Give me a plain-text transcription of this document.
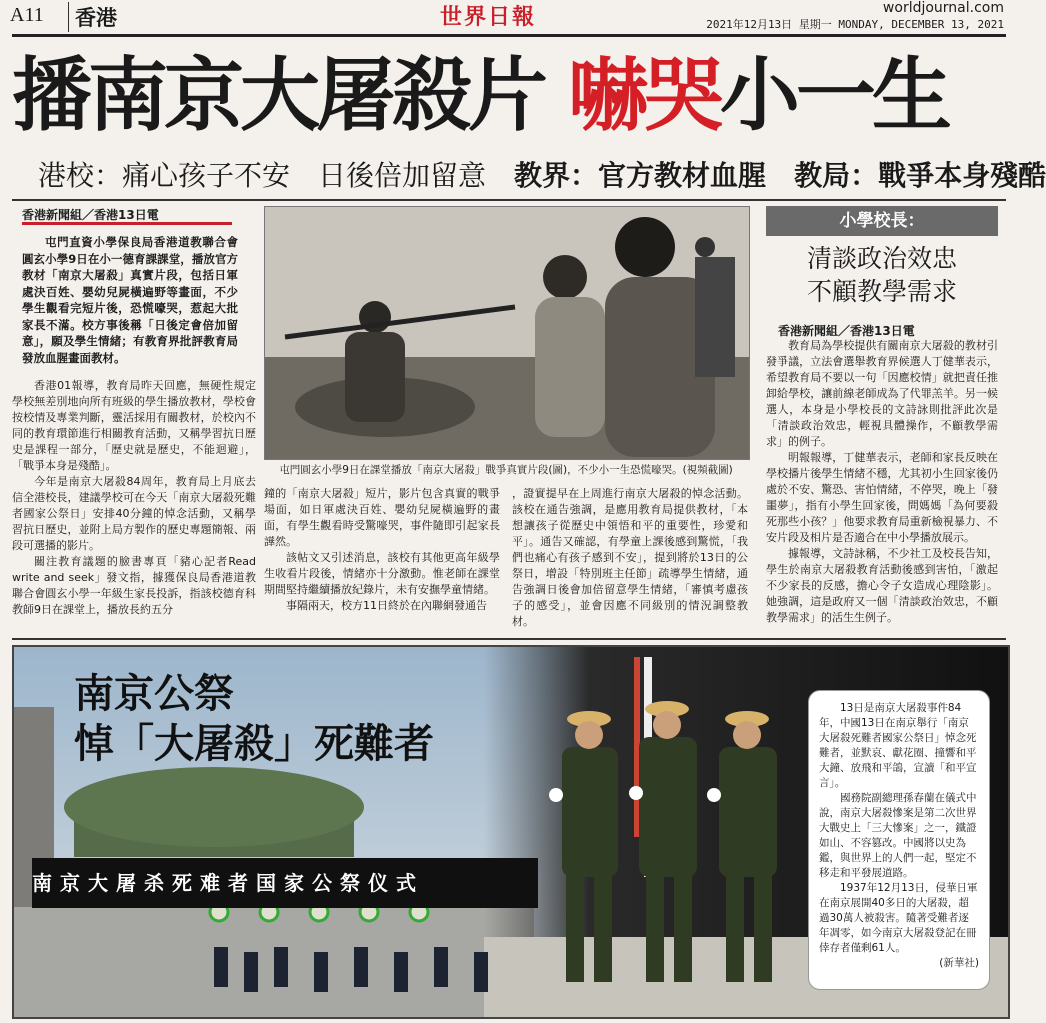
A11	香港	世界日報	worldjournal.com
2021年12月13日 星期一 MONDAY, DECEMBER 13, 2021
播南京大屠殺片 嚇哭小一生
港校：痛心孩子不安　日後倍加留意　 教界：官方教材血腥　 教局：戰爭本身殘酷
香港新聞組／香港13日電

屯門直資小學保良局香港道教聯合會圓玄小學9日在小一德育課課堂，播放官方教材「南京大屠殺」真實片段，包括日軍處決百姓、嬰幼兒屍橫遍野等畫面，不少學生觀看完短片後，恐慌嚎哭，惹起大批家長不滿。校方事後稱「日後定會倍加留意」，願及學生情緒；有教育界批評教育局發放血腥畫面教材。

香港01報導，教育局昨天回應，無硬性規定學校無差別地向所有班級的學生播放教材，學校會按校情及專業判斷，靈活採用有關教材，於校內不同的教育環節進行相關教育活動，又稱學習抗日歷史是課程一部分，「歷史就是歷史，不能迴避」，「戰爭本身是殘酷」。

今年是南京大屠殺84周年，教育局上月底去信全港校長，建議學校可在今天「南京大屠殺死難者國家公祭日」安排40分鐘的悼念活動，又稱學習抗日歷史，並附上局方製作的歷史專題簡報、兩段可選播的影片。

關注教育議題的臉書專頁「豬心記者Read write and seek」發文指，據獲保良局香港道教聯合會圓玄小學一年級生家長投訴，指該校德育科教師9日在課堂上，播放長約五分

屯門圓玄小學9日在課堂播放「南京大屠殺」戰爭真實片段(圖)，不少小一生恐慌嚎哭。(視頻截圖)

鐘的「南京大屠殺」短片，影片包含真實的戰爭場面，如日軍處決百姓、嬰幼兒屍橫遍野的畫面，有學生觀看時受驚嚎哭，事件隨即引起家長譁然。

該帖文又引述消息，該校有其他更高年級學生收看片段後，情緒亦十分激動。惟老師在課堂期間堅持繼續播放紀錄片，未有安撫學童情緒。

事隔兩天，校方11日終於在內聯網發通告

，證實提早在上周進行南京大屠殺的悼念活動。該校在通告強調，是應用教育局提供教材，「本想讓孩子從歷史中領悟和平的重要性，珍愛和平」。通告又確認，有學童上課後感到驚慌，「我們也痛心有孩子感到不安」，提到將於13日的公祭日，增設「特別班主任節」疏導學生情緒，通告強調日後會加倍留意學生情緒，「審慎考慮孩子的感受」，並會因應不同級別的情況調整教材。

小學校長：
清談政治效忠
不顧教學需求
香港新聞組／香港13日電

教育局為學校提供有關南京大屠殺的教材引發爭議，立法會選舉教育界候選人丁健華表示，希望教育局不要以一句「因應校情」就把責任推卸給學校，讓前線老師成為了代罪羔羊。另一候選人，本身是小學校長的文詩詠則批評此次是「清談政治效忠，輕視具體操作，不顧教學需求」的例子。

明報報導，丁健華表示，老師和家長反映在學校播片後學生情緒不穩，尤其初小生回家後仍處於不安、驚恐、害怕情緒，不停哭，晚上「發噩夢」，指有小學生回家後，問媽媽「為何要殺死那些小孩？」他要求教育局重新檢視暴力、不安片段及相片是否適合在中小學播放展示。

據報導，文詩詠稱，不少社工及校長告知，學生於南京大屠殺教育活動後感到害怕，「激起不少家長的反感，擔心令子女造成心理陰影」。她強調，這是政府又一個「清談政治效忠，不顧教學需求」的活生生例子。

南京公祭
悼「大屠殺」死難者
南京大屠杀死难者国家公祭仪式

13日是南京大屠殺事件84年，中國13日在南京舉行「南京大屠殺死難者國家公祭日」悼念死難者，並默哀、獻花圈、撞響和平大鐘、放飛和平鴿，宣讀「和平宣言」。

國務院副總理孫春蘭在儀式中說，南京大屠殺慘案是第二次世界大戰史上「三大慘案」之一，鐵證如山、不容篡改。中國將以史為鑑，與世界上的人們一起，堅定不移走和平發展道路。

1937年12月13日，侵華日軍在南京展開40多日的大屠殺，超過30萬人被殺害。隨著受難者逐年凋零，如今南京大屠殺登記在冊倖存者僅剩61人。

(新華社)
